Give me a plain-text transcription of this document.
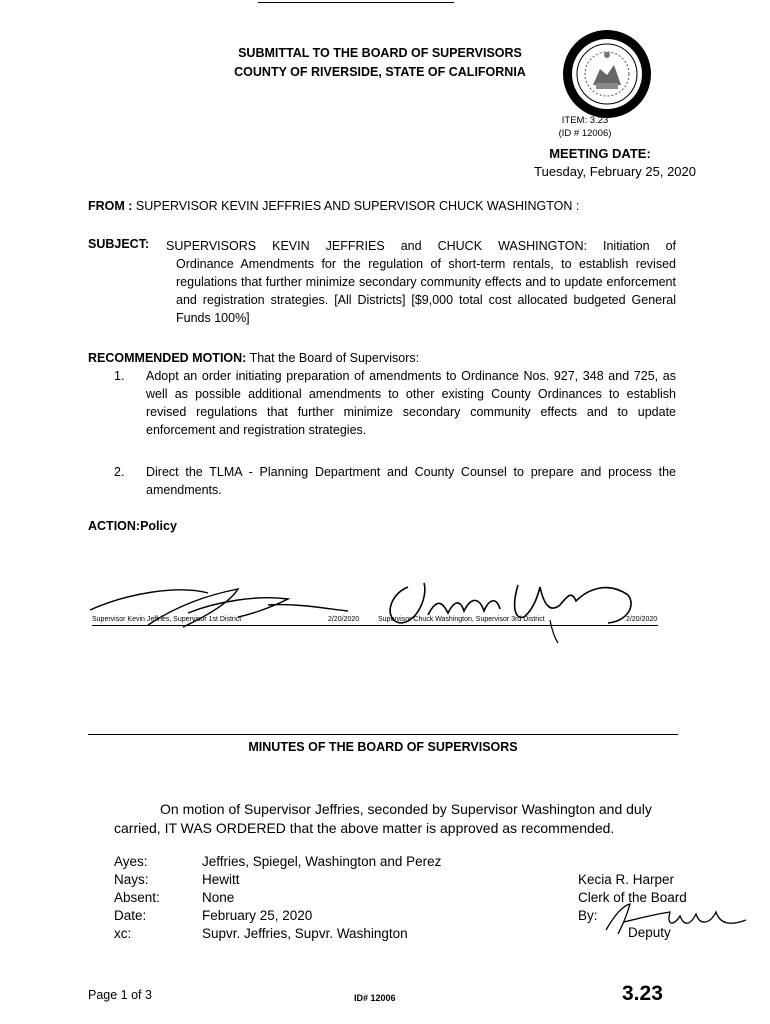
SUBMITTAL TO THE BOARD OF SUPERVISORS
COUNTY OF RIVERSIDE, STATE OF CALIFORNIA
ITEM: 3.23
(ID # 12006)
MEETING DATE:
Tuesday, February 25, 2020
FROM : SUPERVISOR KEVIN JEFFRIES AND SUPERVISOR CHUCK WASHINGTON :
SUBJECT: SUPERVISORS KEVIN JEFFRIES and CHUCK WASHINGTON: Initiation of
Ordinance Amendments for the regulation of short-term rentals, to establish revised regulations that further minimize secondary community effects and to update enforcement and registration strategies. [All Districts] [$9,000 total cost allocated budgeted General Funds 100%]
RECOMMENDED MOTION: That the Board of Supervisors:
1. Adopt an order initiating preparation of amendments to Ordinance Nos. 927, 348 and 725, as well as possible additional amendments to other existing County Ordinances to establish revised regulations that further minimize secondary community effects and to update enforcement and registration strategies.
2. Direct the TLMA - Planning Department and County Counsel to prepare and process the amendments.
ACTION:Policy
Supervisor Kevin Jeffries, Supervisor 1st District	2/20/2020	Supervisor Chuck Washington, Supervisor 3rd District	2/20/2020
MINUTES OF THE BOARD OF SUPERVISORS
On motion of Supervisor Jeffries, seconded by Supervisor Washington and duly
carried, IT WAS ORDERED that the above matter is approved as recommended.
Ayes:	Jeffries, Spiegel, Washington and Perez
Nays:	Hewitt
Absent:	None
Date:	February 25, 2020
xc:	Supvr. Jeffries, Supvr. Washington
Kecia R. Harper
Clerk of the Board
By:
Deputy
Page 1 of 3	ID# 12006	3.23
